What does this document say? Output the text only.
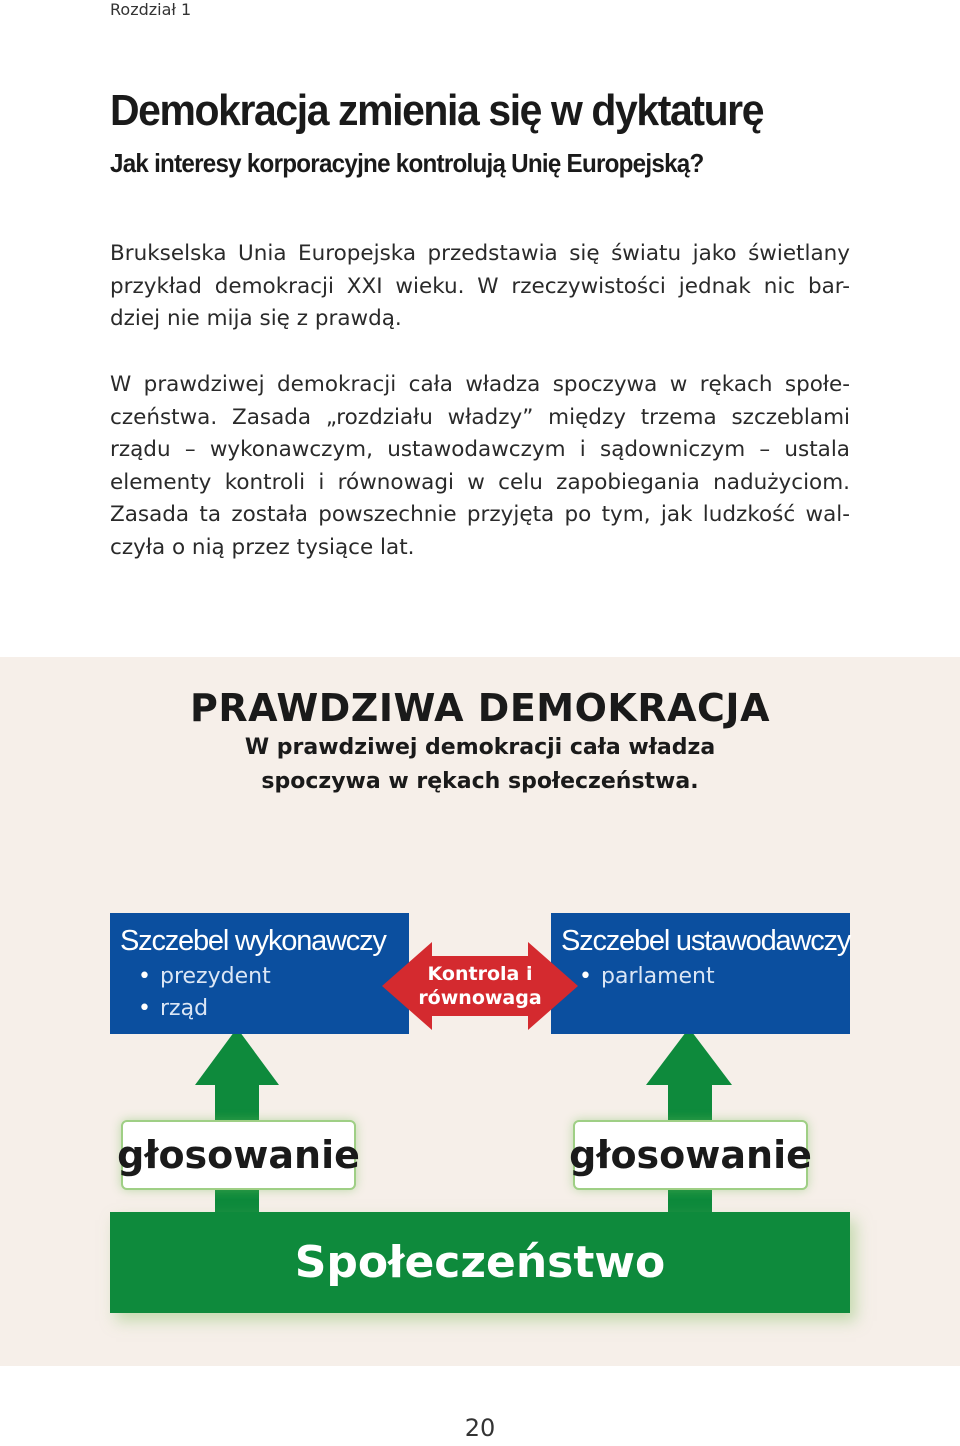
Rozdział 1
Demokracja zmienia się w dyktaturę
Jak interesy korporacyjne kontrolują Unię Europejską?
Brukselska Unia Europejska przedstawia się światu jako świetlany
przykład demokracji XXI wieku. W rzeczywistości jednak nic bar-
dziej nie mija się z prawdą.
W prawdziwej demokracji cała władza spoczywa w rękach społe-
czeństwa. Zasada „rozdziału władzy” między trzema szczeblami
rządu – wykonawczym, ustawodawczym i sądowniczym – ustala
elementy kontroli i równowagi w celu zapobiegania nadużyciom.
Zasada ta została powszechnie przyjęta po tym, jak ludzkość wal-
czyła o nią przez tysiące lat.
PRAWDZIWA DEMOKRACJA
W prawdziwej demokracji cała władza
spoczywa w rękach społeczeństwa.
Szczebel wykonawczy
• prezydent
• rząd
Szczebel ustawodawczy
• parlament
Kontrola i
równowaga
głosowanie	głosowanie
Społeczeństwo
20
